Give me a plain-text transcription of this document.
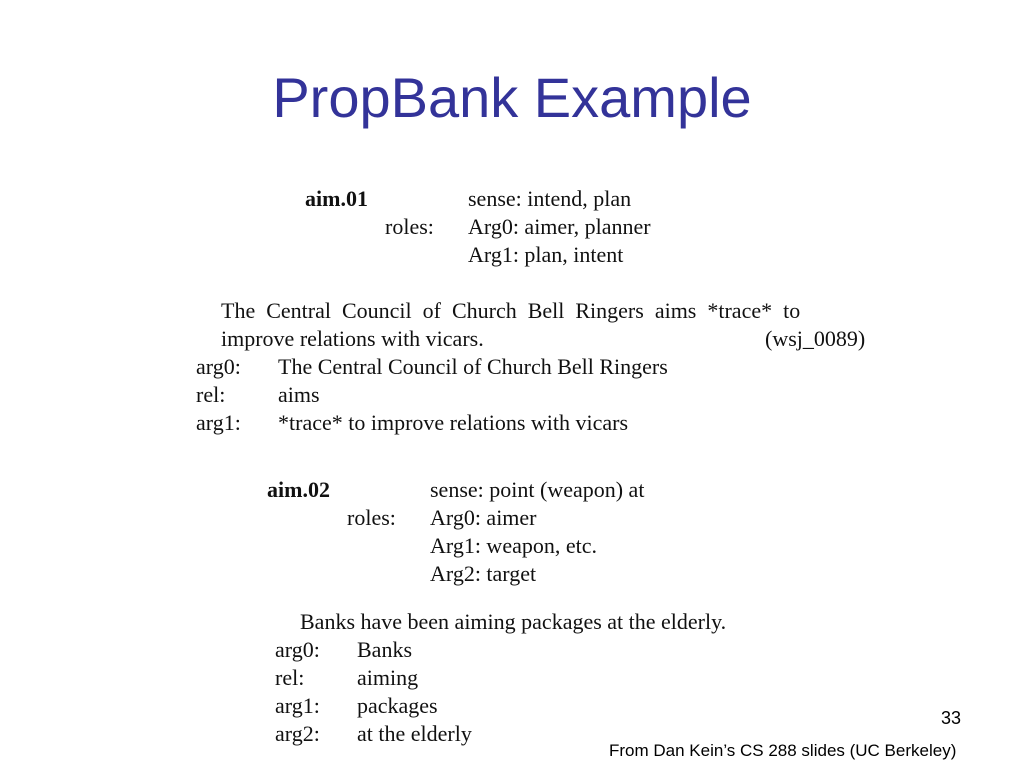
PropBank Example
aim.01	sense: intend, plan
roles: Arg0: aimer, planner
Arg1: plan, intent
The  Central  Council  of  Church  Bell  Ringers  aims  *trace*  to
improve relations with vicars.	(wsj_0089)
arg0: The Central Council of Church Bell Ringers
rel: aims
arg1: *trace* to improve relations with vicars
aim.02	sense: point (weapon) at
roles: Arg0: aimer
Arg1: weapon, etc.
Arg2: target
Banks have been aiming packages at the elderly.
arg0: Banks
rel: aiming
arg1: packages
arg2: at the elderly
33
From Dan Kein’s CS 288 slides (UC Berkeley)
